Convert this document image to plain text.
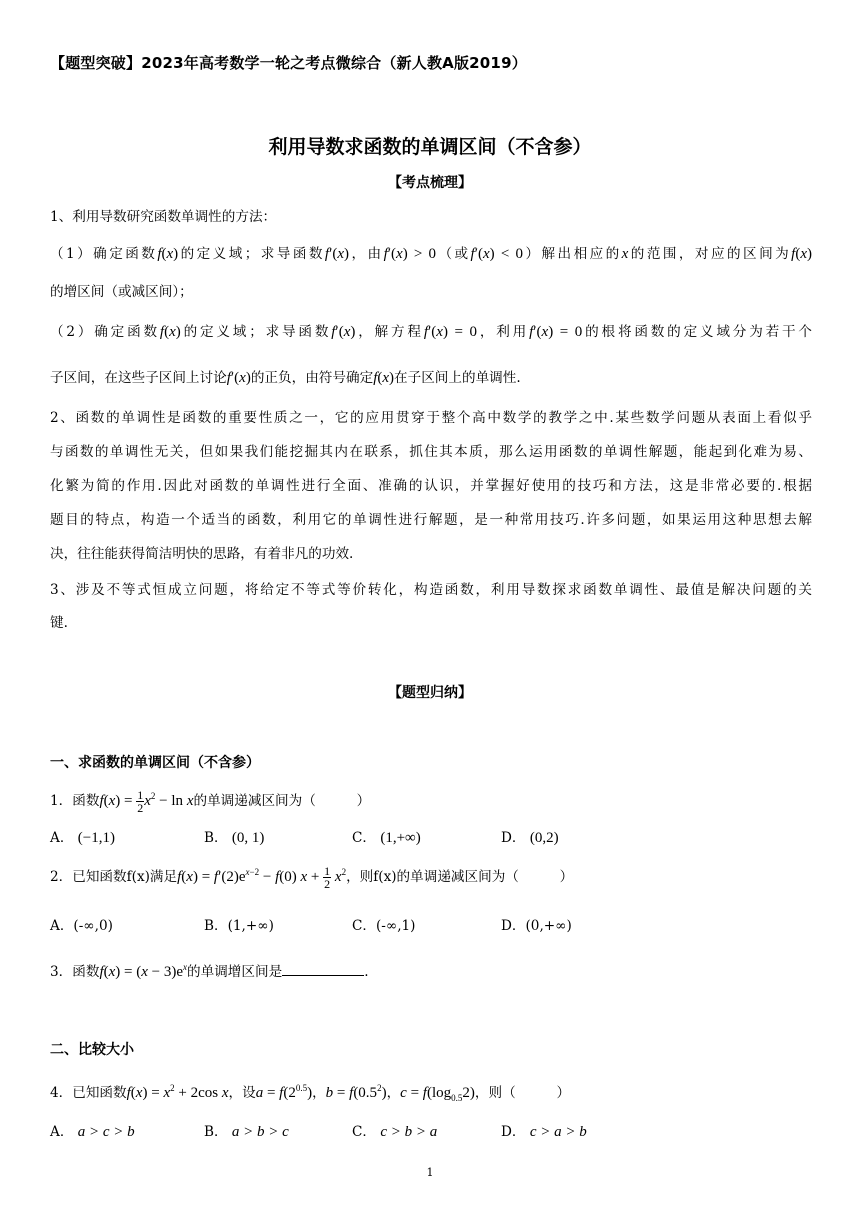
【题型突破】2023年高考数学一轮之考点微综合（新人教A版2019）
利用导数求函数的单调区间（不含参）
【考点梳理】
1、利用导数研究函数单调性的方法：
（1）确定函数f(x)的定义域；求导函数f′(x)，由f′(x) > 0（或f′(x) < 0）解出相应的x的范围，对应的区间为f(x)
的增区间（或减区间）；
（2）确定函数f(x)的定义域；求导函数f′(x)，解方程f′(x) = 0，利用f′(x) = 0的根将函数的定义域分为若干个
子区间，在这些子区间上讨论f′(x)的正负，由符号确定f(x)在子区间上的单调性.
2、函数的单调性是函数的重要性质之一，它的应用贯穿于整个高中数学的教学之中.某些数学问题从表面上看似乎
与函数的单调性无关，但如果我们能挖掘其内在联系，抓住其本质，那么运用函数的单调性解题，能起到化难为易、
化繁为简的作用.因此对函数的单调性进行全面、准确的认识，并掌握好使用的技巧和方法，这是非常必要的.根据
题目的特点，构造一个适当的函数，利用它的单调性进行解题，是一种常用技巧.许多问题，如果运用这种思想去解
决，往往能获得简洁明快的思路，有着非凡的功效.
3、涉及不等式恒成立问题，将给定不等式等价转化，构造函数，利用导数探求函数单调性、最值是解决问题的关
键.
【题型归纳】
一、求函数的单调区间（不含参）
1．函数$f(x) = \frac{1}{2} x^2 - \ln x$的单调递减区间为（　　　）
A． (−1,1)	B． (0, 1)	C． (1,+∞)	D． (0,2)
2．已知函数f(x)满足$f(x) = f'(2)e^{x-2} - f(0) x + \frac{1}{2} x^2$，则f(x)的单调递减区间为（　　　）
A．(-∞,0)	B．(1,+∞)	C．(-∞,1)	D．(0,+∞)
3．函数$f(x) = (x - 3)e^x$的单调增区间是	.
二、比较大小
4．已知函数$f(x) = x^2 + 2\cos$ x，设$a = f(2^{0.5})$，$b = f(0.5^2)$，$c = f(\log_{0.5}2)$，则（　　　）
A． a > c > b	B． a > b > c	C． c > b > a	D． c > a > b
1
